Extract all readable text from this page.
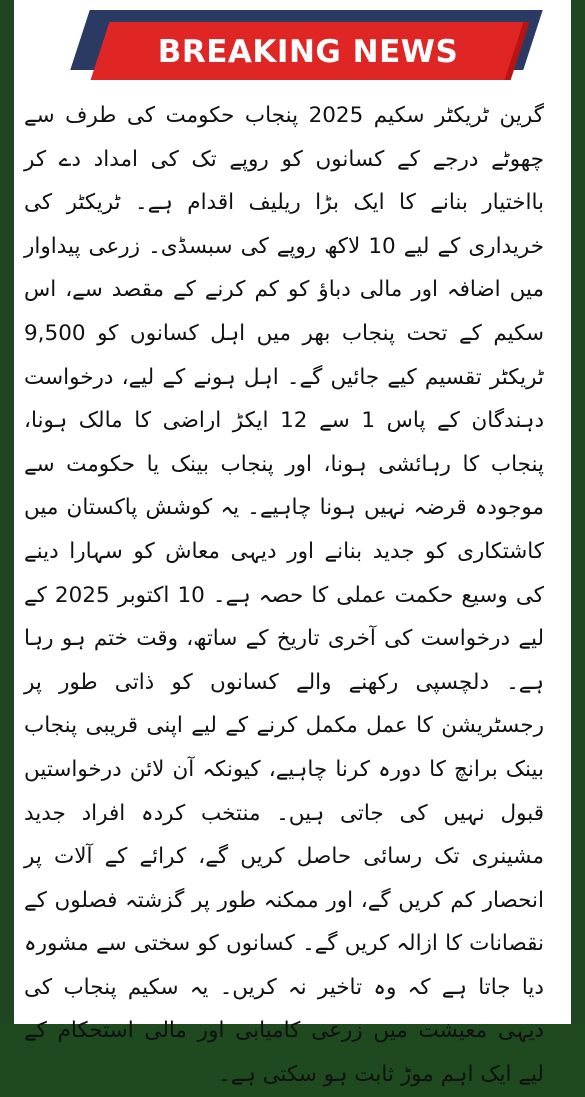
BREAKING NEWS

گرین ٹریکٹر سکیم 2025 پنجاب حکومت کی طرف سے چھوٹے درجے کے کسانوں کو روپے تک کی امداد دے کر بااختیار بنانے کا ایک بڑا ریلیف اقدام ہے۔ ٹریکٹر کی خریداری کے لیے 10 لاکھ روپے کی سبسڈی۔ زرعی پیداوار میں اضافہ اور مالی دباؤ کو کم کرنے کے مقصد سے، اس سکیم کے تحت پنجاب بھر میں اہل کسانوں کو 9,500 ٹریکٹر تقسیم کیے جائیں گے۔ اہل ہونے کے لیے، درخواست دہندگان کے پاس 1 سے 12 ایکڑ اراضی کا مالک ہونا، پنجاب کا رہائشی ہونا، اور پنجاب بینک یا حکومت سے موجودہ قرضہ نہیں ہونا چاہیے۔ یہ کوشش پاکستان میں کاشتکاری کو جدید بنانے اور دیہی معاش کو سہارا دینے کی وسیع حکمت عملی کا حصہ ہے۔ 10 اکتوبر 2025 کے لیے درخواست کی آخری تاریخ کے ساتھ، وقت ختم ہو رہا ہے۔ دلچسپی رکھنے والے کسانوں کو ذاتی طور پر رجسٹریشن کا عمل مکمل کرنے کے لیے اپنی قریبی پنجاب بینک برانچ کا دورہ کرنا چاہیے، کیونکہ آن لائن درخواستیں قبول نہیں کی جاتی ہیں۔ منتخب کردہ افراد جدید مشینری تک رسائی حاصل کریں گے، کرائے کے آلات پر انحصار کم کریں گے، اور ممکنہ طور پر گزشتہ فصلوں کے نقصانات کا ازالہ کریں گے۔ کسانوں کو سختی سے مشورہ دیا جاتا ہے کہ وہ تاخیر نہ کریں۔ یہ سکیم پنجاب کی دیہی معیشت میں زرعی کامیابی اور مالی استحکام کے لیے ایک اہم موڑ ثابت ہو سکتی ہے۔
